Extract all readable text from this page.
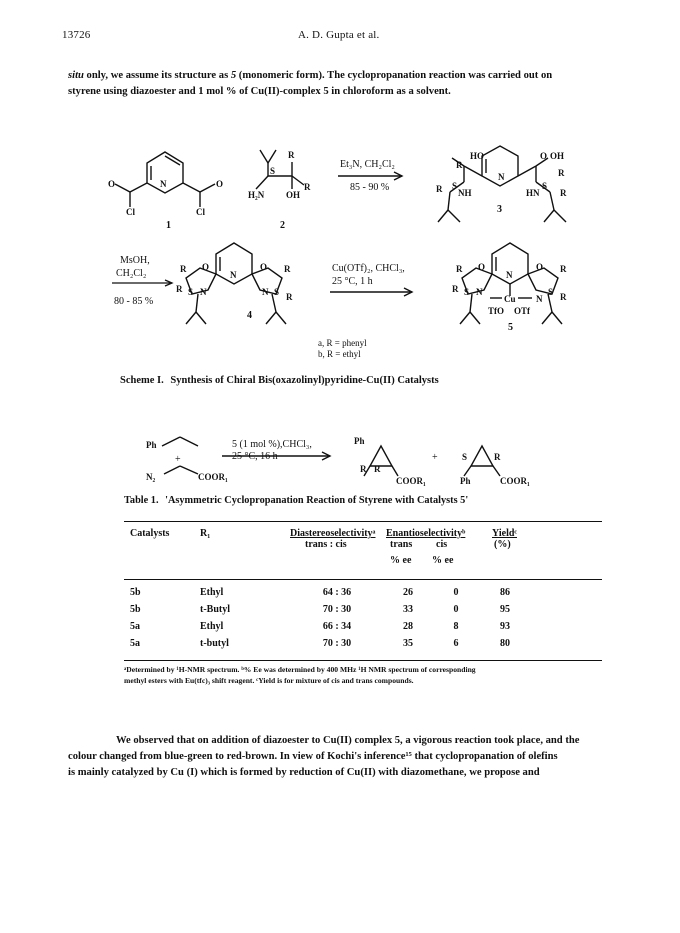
13726	A. D. Gupta et al.
situ only, we assume its structure as 5 (monomeric form). The cyclopropanation reaction was carried out on
styrene using diazoester and 1 mol % of Cu(II)-complex 5 in chloroform as a solvent.
N
O
Cl
O
Cl
R
S
R
H₂N OH
HO
R
N
O OH
R
R S
NH	HN
S
R
O
R
R S N
N
O R
N S R
O
R
R S N
N
O R
Cu N
S R
TfO OTf
1	2
3
4
5
Et₃N, CH₂Cl₂
85 - 90 %
MsOH,
CH₂Cl₂
80 - 85 %
Cu(OTf)₂, CHCl₃,
25 °C, 1 h
a, R = phenyl
b, R = ethyl
Scheme I. Synthesis of Chiral Bis(oxazolinyl)pyridine-Cu(II) Catalysts
Ph
N₂	COOR₁
Ph
R R
COOR₁
S	R
Ph	COOR₁
+	+
5 (1 mol %),CHCl₃,
25 °C, 16 h
Table 1. 'Asymmetric Cyclopropanation Reaction of Styrene with Catalysts 5'
Catalysts	R₁	Diastereoselectivityᵃ
trans : cis
Enantioselectivityᵇ
trans cis
% ee % ee
Yieldᶜ
(%)
5b	Ethyl	64 : 36	26	0	86	
5b	t-Butyl	70 : 30	33	0	95	
5a	Ethyl	66 : 34	28	8	93	
5a	t-butyl	70 : 30	35	6	80	
ᵃDetermined by ¹H-NMR spectrum. ᵇ% Ee was determined by 400 MHz ¹H NMR spectrum of corresponding
methyl esters with Eu(tfc)₃ shift reagent. ᶜYield is for mixture of cis and trans compounds.
We observed that on addition of diazoester to Cu(II) complex 5, a vigorous reaction took place, and the
colour changed from blue-green to red-brown. In view of Kochi's inference¹⁵ that cyclopropanation of olefins
is mainly catalyzed by Cu (I) which is formed by reduction of Cu(II) with diazomethane, we propose and
